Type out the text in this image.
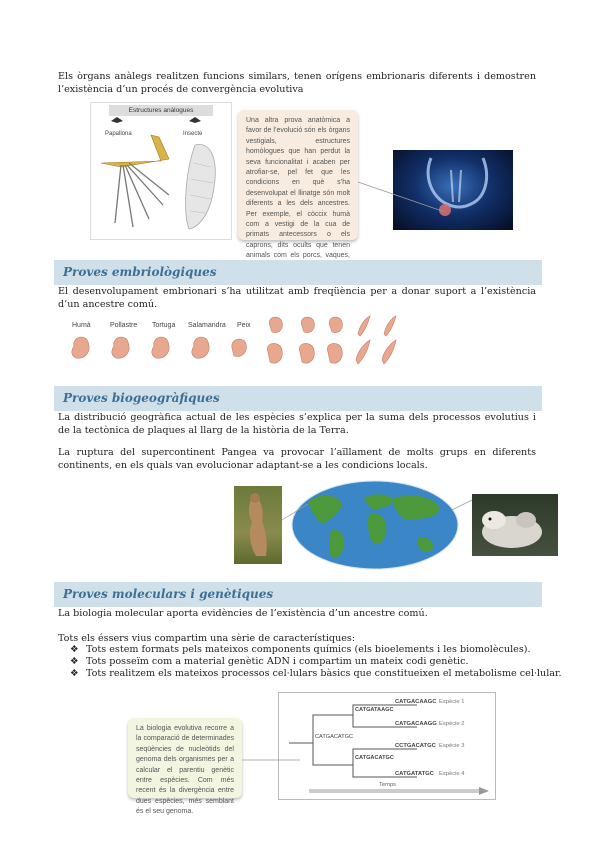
Els òrgans anàlegs realitzen funcions similars, tenen orígens embrionaris diferents i demostren l’existència d’un procés de convergència evolutiva
Estructures anàlogues
Papallona	Insecte
Una altra prova anatòmica a favor de l’evolució són els òrgans vestigials, estructures homòlogues que han perdut la seva funcionalitat i acaben per atrofiar-se, pel fet que les condicions en què s’ha desenvolupat el llinatge són molt diferents a les dels ancestres. Per exemple, el còccix humà com a vestigi de la cua de primats antecessors o els caprons, dits ocults que tenen animals com els porcs, vaques,
Proves embriològiques
El desenvolupament embrionari s’ha utilitzat amb freqüència per a donar suport a l’existència d’un ancestre comú.
Humà	Pollastre Tortuga Salamandra Peix
Proves biogeogràfiques
La distribució geogràfica actual de les espècies s’explica per la suma dels processos evolutius i de la tectònica de plaques al llarg de la història de la Terra.
La ruptura del supercontinent Pangea va provocar l’aïllament de molts grups en diferents continents, en els quals van evolucionar adaptant-se a les condicions locals.
Proves moleculars i genètiques
La biologia molecular aporta evidències de l’existència d’un ancestre comú.
Tots els éssers vius compartim una sèrie de característiques:
❖ Tots estem formats pels mateixos components químics (els bioelements i les biomolècules).
❖ Tots posseïm com a material genètic ADN i compartim un mateix codi genètic.
❖ Tots realitzem els mateixos processos cel·lulars bàsics que constitueixen el metabolisme cel·lular.
CATGACAAGC Espècie 1
CATGACAAGG Espècie 2
CCTGACATGC Espècie 3
CATGATATGC Espècie 4
CATGATAAGC
CATGACATGC
CATGACATGC
Temps
La biologia evolutiva recorre a la comparació de determinades seqüències de nucleòtids del genoma dels organismes per a calcular el parentiu genètic entre espècies. Com més recent és la divergència entre dues espècies, més semblant és el seu genoma.
